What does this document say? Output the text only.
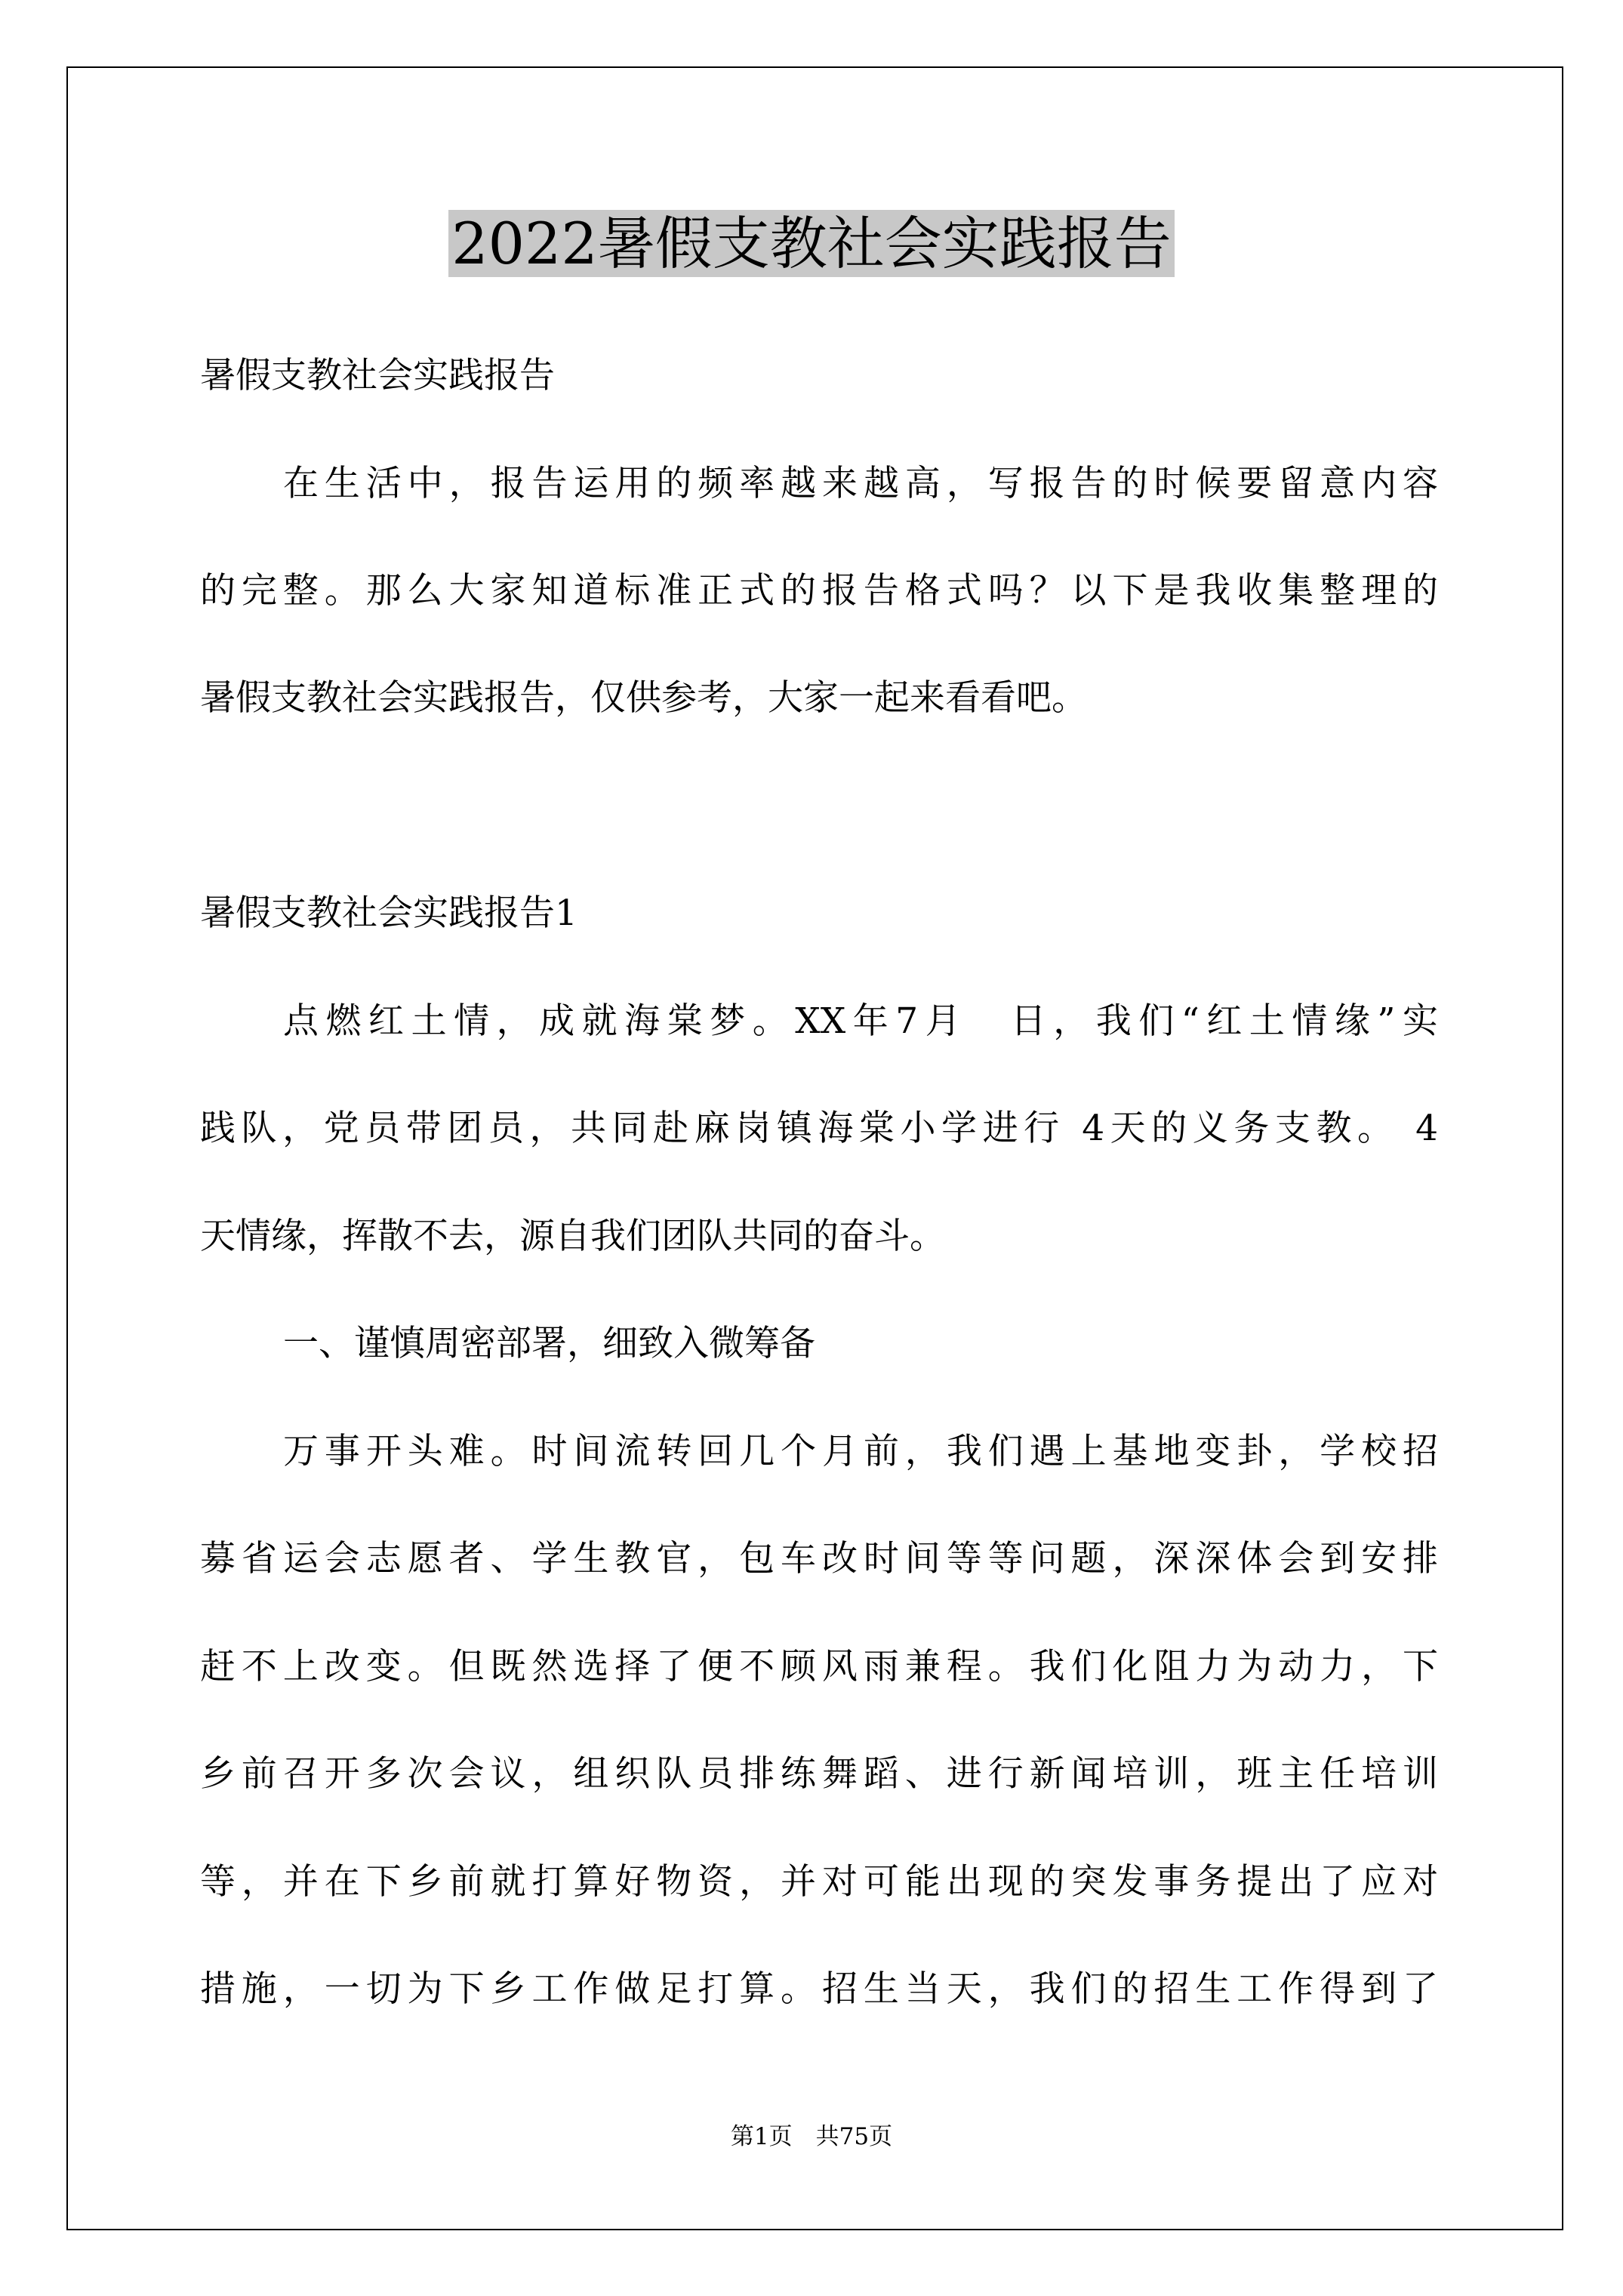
2022暑假支教社会实践报告

暑假支教社会实践报告

在生活中，报告运用的频率越来越高，写报告的时候要留意内容

的完整。那么大家知道标准正式的报告格式吗？以下是我收集整理的

暑假支教社会实践报告，仅供参考，大家一起来看看吧。

暑假支教社会实践报告1

点燃红土情，成就海棠梦。XX年7月　日，我们“红土情缘”实

践队，党员带团员，共同赴麻岗镇海棠小学进行 4天的义务支教。 4

天情缘，挥散不去，源自我们团队共同的奋斗。

一、谨慎周密部署，细致入微筹备

万事开头难。时间流转回几个月前，我们遇上基地变卦，学校招

募省运会志愿者、学生教官，包车改时间等等问题，深深体会到安排

赶不上改变。但既然选择了便不顾风雨兼程。我们化阻力为动力，下

乡前召开多次会议，组织队员排练舞蹈、进行新闻培训，班主任培训

等，并在下乡前就打算好物资，并对可能出现的突发事务提出了应对

措施，一切为下乡工作做足打算。招生当天，我们的招生工作得到了

第1页　共75页
